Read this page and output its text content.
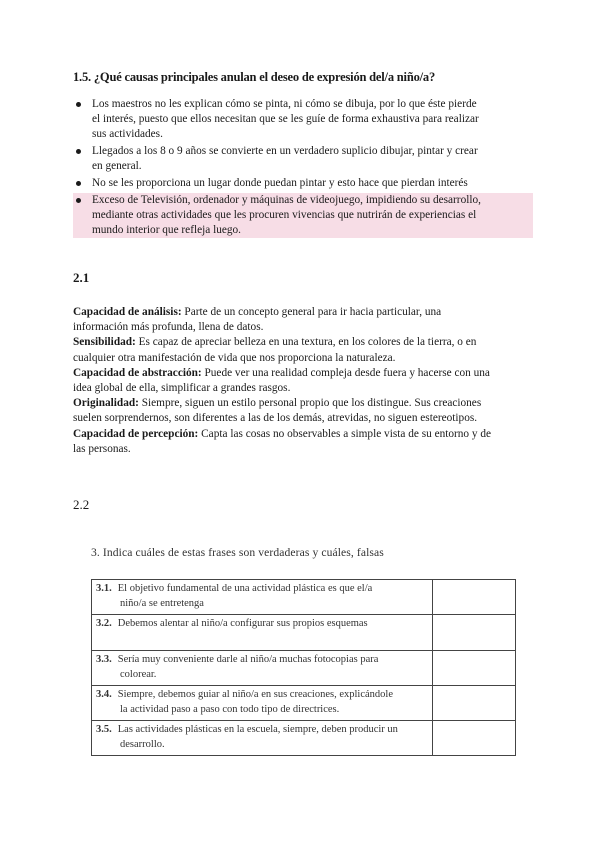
1.5. ¿Qué causas principales anulan el deseo de expresión del/a niño/a?
Los maestros no les explican cómo se pinta, ni cómo se dibuja, por lo que éste pierde
el interés, puesto que ellos necesitan que se les guíe de forma exhaustiva para realizar
sus actividades.
Llegados a los 8 o 9 años se convierte en un verdadero suplicio dibujar, pintar y crear
en general.
No se les proporciona un lugar donde puedan pintar y esto hace que pierdan interés
Exceso de Televisión, ordenador y máquinas de videojuego, impidiendo su desarrollo,
mediante otras actividades que les procuren vivencias que nutrirán de experiencias el
mundo interior que refleja luego.
2.1

Capacidad de análisis: Parte de un concepto general para ir hacia particular, una
información más profunda, llena de datos.

Sensibilidad: Es capaz de apreciar belleza en una textura, en los colores de la tierra, o en
cualquier otra manifestación de vida que nos proporciona la naturaleza.

Capacidad de abstracción: Puede ver una realidad compleja desde fuera y hacerse con una
idea global de ella, simplificar a grandes rasgos.

Originalidad: Siempre, siguen un estilo personal propio que los distingue. Sus creaciones
suelen sorprendernos, son diferentes a las de los demás, atrevidas, no siguen estereotipos.

Capacidad de percepción: Capta las cosas no observables a simple vista de su entorno y de
las personas.

2.2
3. Indica cuáles de estas frases son verdaderas y cuáles, falsas
3.1. El objetivo fundamental de una actividad plástica es que el/a
niño/a se entretenga	

3.2. Debemos alentar al niño/a configurar sus propios esquemas	
3.3. Sería muy conveniente darle al niño/a muchas fotocopias para
colorear.	

3.4. Siempre, debemos guiar al niño/a en sus creaciones, explicándole
la actividad paso a paso con todo tipo de directrices.	

3.5. Las actividades plásticas en la escuela, siempre, deben producir un
desarrollo.	
